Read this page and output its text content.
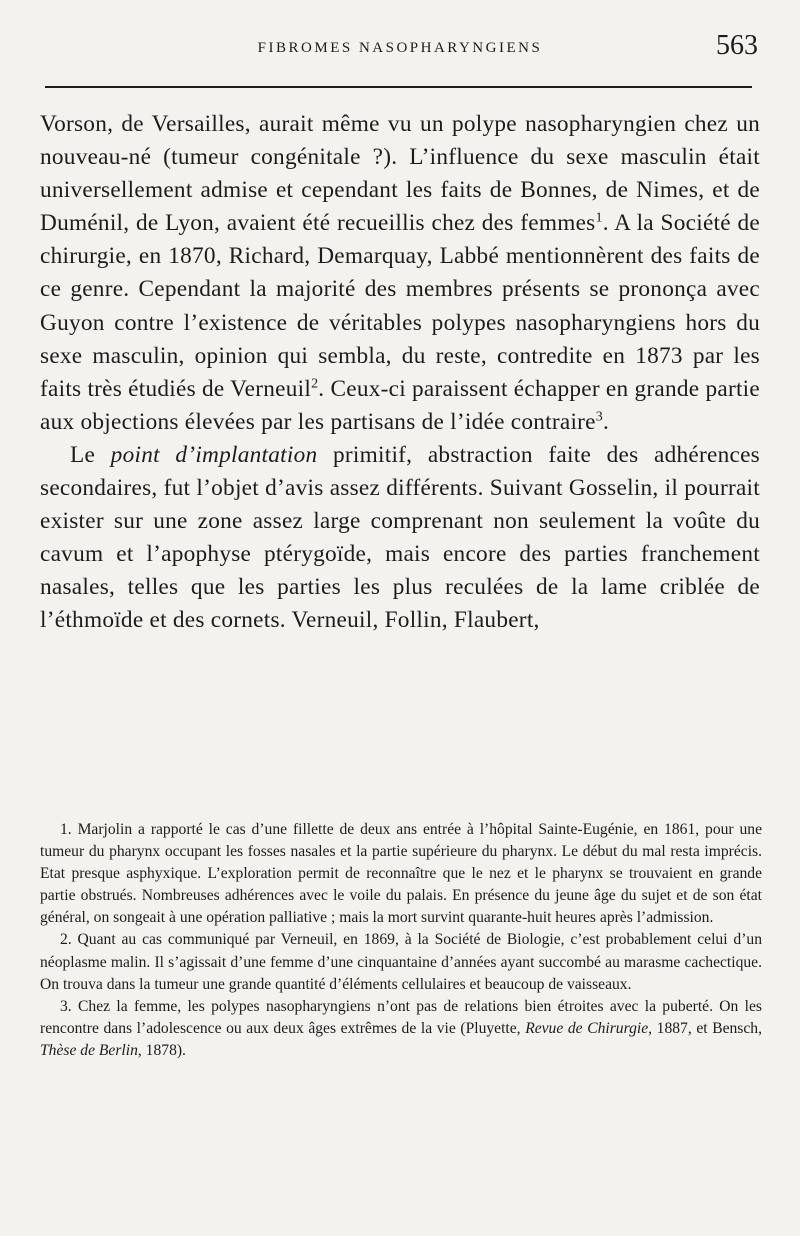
FIBROMES NASOPHARYNGIENS	563

Vorson, de Versailles, aurait même vu un polype nasopharyngien chez un nouveau-né (tumeur congénitale ?). L’influence du sexe masculin était universellement admise et cependant les faits de Bonnes, de Nimes, et de Duménil, de Lyon, avaient été recueillis chez des femmes$^1$. A la Société de chirurgie, en 1870, Richard, Demarquay, Labbé mentionnèrent des faits de ce genre. Cependant la majorité des membres présents se prononça avec Guyon contre l’existence de véritables polypes nasopharyngiens hors du sexe masculin, opinion qui sembla, du reste, contredite en 1873 par les faits très étudiés de Verneuil$^2$. Ceux-ci paraissent échapper en grande partie aux objections élevées par les partisans de l’idée contraire$^3$.

Le point d’implantation primitif, abstraction faite des adhérences secondaires, fut l’objet d’avis assez différents. Suivant Gosselin, il pourrait exister sur une zone assez large comprenant non seulement la voûte du cavum et l’apophyse ptérygoïde, mais encore des parties franchement nasales, telles que les parties les plus reculées de la lame criblée de l’éthmoïde et des cornets. Verneuil, Follin, Flaubert,

1. Marjolin a rapporté le cas d’une fillette de deux ans entrée à l’hôpital Sainte-Eugénie, en 1861, pour une tumeur du pharynx occupant les fosses nasales et la partie supérieure du pharynx. Le début du mal resta imprécis. Etat presque asphyxique. L’exploration permit de reconnaître que le nez et le pharynx se trouvaient en grande partie obstrués. Nombreuses adhérences avec le voile du palais. En présence du jeune âge du sujet et de son état général, on songeait à une opération palliative ; mais la mort survint quarante-huit heures après l’admission.

2. Quant au cas communiqué par Verneuil, en 1869, à la Société de Biologie, c’est probablement celui d’un néoplasme malin. Il s’agissait d’une femme d’une cinquantaine d’années ayant succombé au marasme cachectique. On trouva dans la tumeur une grande quantité d’éléments cellulaires et beaucoup de vaisseaux.

3. Chez la femme, les polypes nasopharyngiens n’ont pas de relations bien étroites avec la puberté. On les rencontre dans l’adolescence ou aux deux âges extrêmes de la vie (Pluyette, Revue de Chirurgie, 1887, et Bensch, Thèse de Berlin, 1878).
